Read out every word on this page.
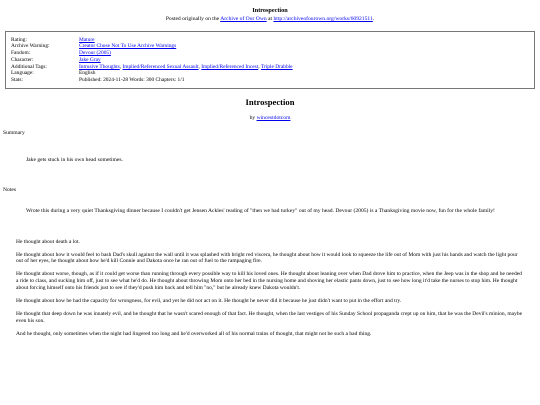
Introspection
Posted originally on the Archive of Our Own at http://archiveofourown.org/works/60921511.
Rating:	Mature
Archive Warning:	Creator Chose Not To Use Archive Warnings
Fandom:	Devour (2005)
Character:	Jake Gray
Additional Tags:	Intrusive Thoughts, Implied/Referenced Sexual Assault, Implied/Referenced Incest, Triple Drabble
Language:	English
Stats:	Published: 2024-11-28 Words: 300 Chapters: 1/1
Introspection
by wincestdotcom
Summary
Jake gets stuck in his own head sometimes.
Notes
Wrote this during a very quiet Thanksgiving dinner because I couldn't get Jensen Ackles' reading of "then we had turkey" out of my head. Devour (2005) is a Thanksgiving movie now, fun for the whole family!

He thought about death a lot.

He thought about how it would feel to bash Dad's skull against the wall until it was splashed with bright red viscera, he thought about how it would look to squeeze the life out of Mom with just his hands and watch the light pour out of her eyes, he thought about how he'd kill Connie and Dakota once he ran out of fuel to the rampaging fire.

He thought about worse, though, as if it could get worse than running through every possible way to kill his loved ones. He thought about leaning over when Dad drove him to practice, when the Jeep was in the shop and he needed a ride to class, and sucking him off, just to see what he'd do. He thought about throwing Mom onto her bed in the nursing home and shoving her elastic pants down, just to see how long it'd take the nurses to stop him. He thought about forcing himself onto his friends just to see if they'd push him back and tell him "no," but he already knew Dakota wouldn't.

He thought about how he had the capacity for wrongness, for evil, and yet he did not act on it. He thought he never did it because he just didn't want to put in the effort and try.

He thought that deep down he was innately evil, and he thought that he wasn't scared enough of that fact. He thought, when the last vestiges of his Sunday School propaganda crept up on him, that he was the Devil's minion, maybe even his son.

And he thought, only sometimes when the night had lingered too long and he'd overworked all of his normal trains of thought, that might not be such a bad thing.
